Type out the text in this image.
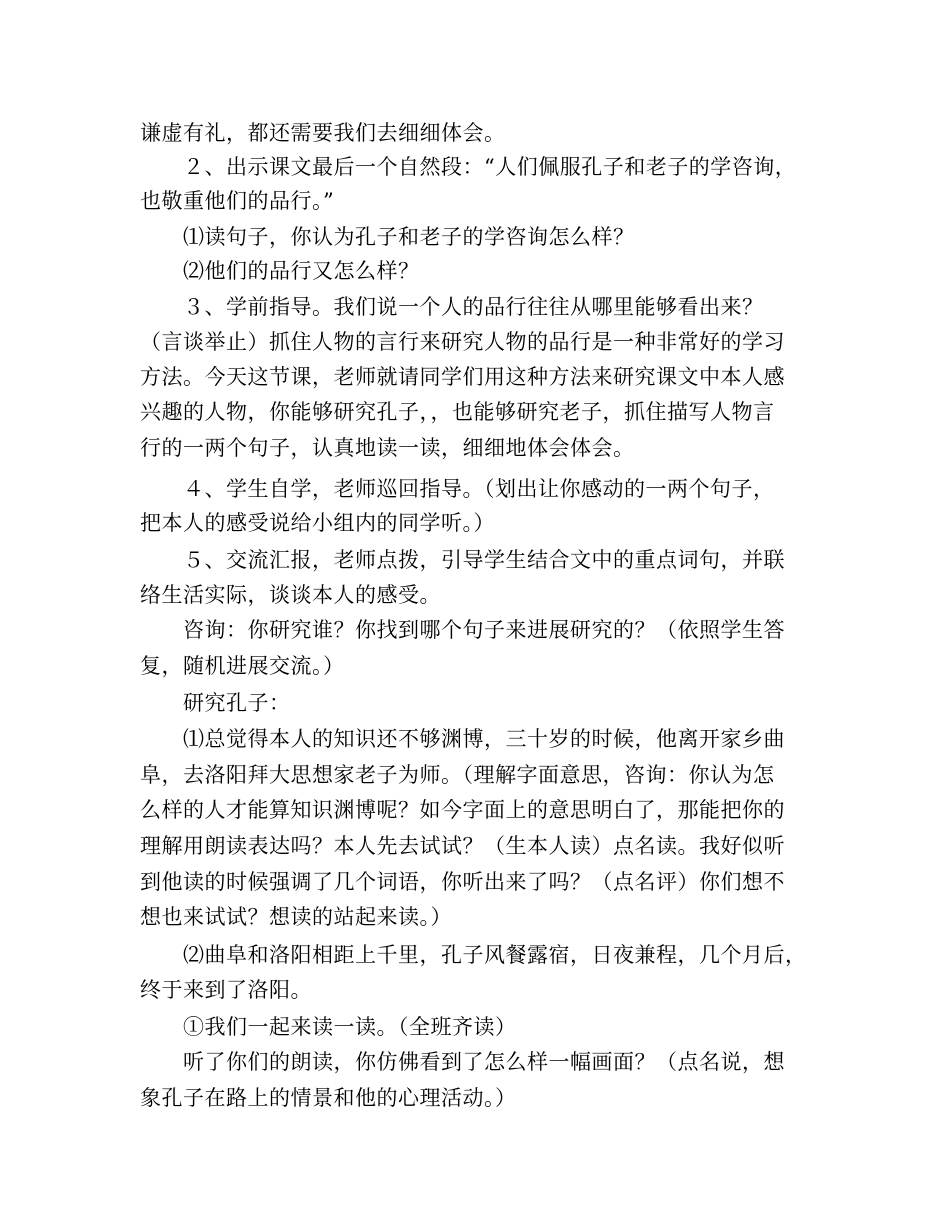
谦虚有礼，都还需要我们去细细体会。
２、出示课文最后一个自然段：“人们佩服孔子和老子的学咨询，
也敬重他们的品行。”
⑴读句子，你认为孔子和老子的学咨询怎么样？
⑵他们的品行又怎么样？
３、学前指导。我们说一个人的品行往往从哪里能够看出来？
（言谈举止）抓住人物的言行来研究人物的品行是一种非常好的学习
方法。今天这节课，老师就请同学们用这种方法来研究课文中本人感
兴趣的人物，你能够研究孔子，，也能够研究老子，抓住描写人物言
行的一两个句子，认真地读一读，细细地体会体会。
４、学生自学，老师巡回指导。（划出让你感动的一两个句子，
把本人的感受说给小组内的同学听。）
５、交流汇报，老师点拨，引导学生结合文中的重点词句，并联
络生活实际，谈谈本人的感受。
咨询：你研究谁？你找到哪个句子来进展研究的？（依照学生答
复，随机进展交流。）
研究孔子：
⑴总觉得本人的知识还不够渊博，三十岁的时候，他离开家乡曲
阜，去洛阳拜大思想家老子为师。（理解字面意思，咨询：你认为怎
么样的人才能算知识渊博呢？如今字面上的意思明白了，那能把你的
理解用朗读表达吗？本人先去试试？（生本人读）点名读。我好似听
到他读的时候强调了几个词语，你听出来了吗？（点名评）你们想不
想也来试试？想读的站起来读。）
⑵曲阜和洛阳相距上千里，孔子风餐露宿，日夜兼程，几个月后，
终于来到了洛阳。
①我们一起来读一读。（全班齐读）
听了你们的朗读，你仿佛看到了怎么样一幅画面？（点名说，想
象孔子在路上的情景和他的心理活动。）
